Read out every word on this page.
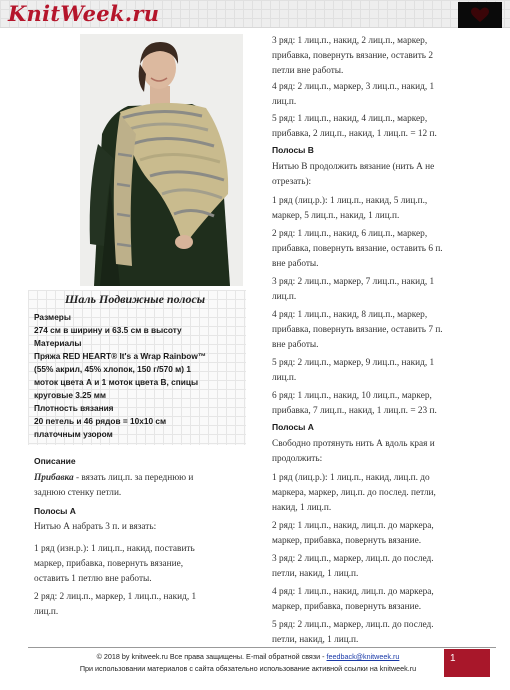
KnitWeek.ru
Шаль Подвижные полосы
Размеры
274 см в ширину и 63.5 см в высоту
Материалы
Пряжа RED HEART® It's a Wrap Rainbow™
(55% акрил, 45% хлопок, 150 г/570 м) 1
моток цвета А и 1 моток цвета В, спицы
круговые 3.25 мм
Плотность вязания
20 петель и 46 рядов = 10x10 см
платочным узором
Описание
Прибавка - вязать лиц.п. за переднюю и
заднюю стенку петли.
Полосы А
Нитью А набрать 3 п. и вязать:
1 ряд (изн.р.): 1 лиц.п., накид, поставить
маркер, прибавка, повернуть вязание,
оставить 1 петлю вне работы.
2 ряд: 2 лиц.п., маркер, 1 лиц.п., накид, 1
лиц.п.
3 ряд: 1 лиц.п., накид, 2 лиц.п., маркер,
прибавка, повернуть вязание, оставить 2
петли вне работы.
4 ряд: 2 лиц.п., маркер, 3 лиц.п., накид, 1
лиц.п.
5 ряд: 1 лиц.п., накид, 4 лиц.п., маркер,
прибавка, 2 лиц.п., накид, 1 лиц.п. = 12 п.
Полосы В
Нитью В продолжить вязание (нить А не
отрезать):
1 ряд (лиц.р.): 1 лиц.п., накид, 5 лиц.п.,
маркер, 5 лиц.п., накид, 1 лиц.п.
2 ряд: 1 лиц.п., накид, 6 лиц.п., маркер,
прибавка, повернуть вязание, оставить 6 п.
вне работы.
3 ряд: 2 лиц.п., маркер, 7 лиц.п., накид, 1
лиц.п.
4 ряд: 1 лиц.п., накид, 8 лиц.п., маркер,
прибавка, повернуть вязание, оставить 7 п.
вне работы.
5 ряд: 2 лиц.п., маркер, 9 лиц.п., накид, 1
лиц.п.
6 ряд: 1 лиц.п., накид, 10 лиц.п., маркер,
прибавка, 7 лиц.п., накид, 1 лиц.п. = 23 п.
Полосы А
Свободно протянуть нить А вдоль края и
продолжить:
1 ряд (лиц.р.): 1 лиц.п., накид, лиц.п. до
маркера, маркер, лиц.п. до послед. петли,
накид, 1 лиц.п.
2 ряд: 1 лиц.п., накид, лиц.п. до маркера,
маркер, прибавка, повернуть вязание.
3 ряд: 2 лиц.п., маркер, лиц.п. до послед.
петли, накид, 1 лиц.п.
4 ряд: 1 лиц.п., накид, лиц.п. до маркера,
маркер, прибавка, повернуть вязание.
5 ряд: 2 лиц.п., маркер, лиц.п. до послед.
петли, накид, 1 лиц.п.
© 2018 by knitweek.ru Все права защищены. E-mail обратной связи - feedback@knitweek.ru
При использовании материалов с сайта обязательно использование активной ссылки на knitweek.ru
1
